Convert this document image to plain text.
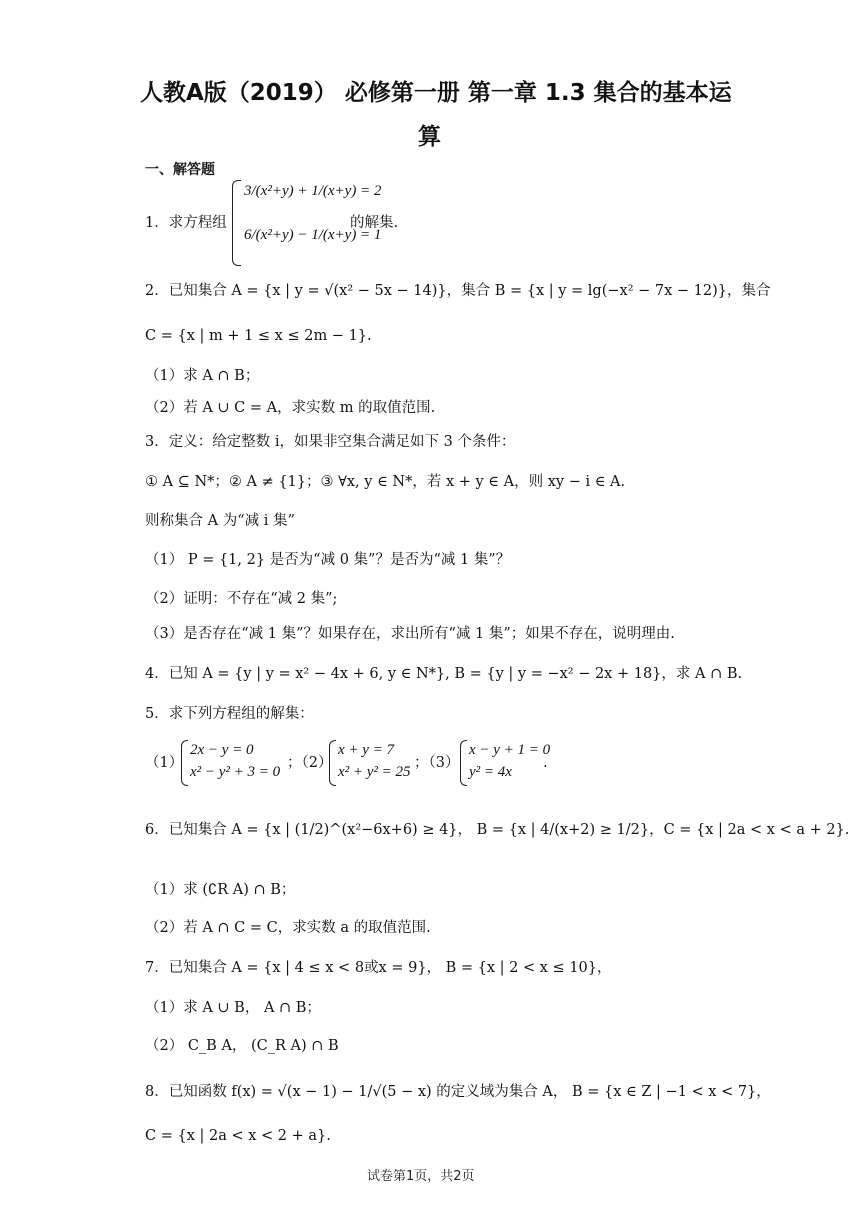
人教A版（2019） 必修第一册 第一章 1.3 集合的基本运
算
一、解答题
1．求方程组
3/(x²+y) + 1/(x+y) = 2
6/(x²+y) − 1/(x+y) = 1
的解集.
2．已知集合 A = {x | y = √(x² − 5x − 14)}，集合 B = {x | y = lg(−x² − 7x − 12)}，集合
C = {x | m + 1 ≤ x ≤ 2m − 1}.
（1）求 A ∩ B；
（2）若 A ∪ C = A，求实数 m 的取值范围.
3．定义：给定整数 i，如果非空集合满足如下 3 个条件：
① A ⊆ N*；② A ≠ {1}；③ ∀x, y ∈ N*，若 x + y ∈ A，则 xy − i ∈ A.
则称集合 A 为“减 i 集”
（1） P = {1, 2} 是否为“减 0 集”？是否为“减 1 集”？
（2）证明：不存在“减 2 集”;
（3）是否存在“减 1 集”？如果存在，求出所有“减 1 集”；如果不存在，说明理由.
4．已知 A = {y | y = x² − 4x + 6, y ∈ N*}, B = {y | y = −x² − 2x + 18}，求 A ∩ B.
5．求下列方程组的解集：
（1）
2x − y = 0
x² − y² + 3 = 0
；（2）
x + y = 7
x² + y² = 25
；（3）
x − y + 1 = 0
y² = 4x
.
6．已知集合 A = {x | (1/2)^(x²−6x+6) ≥ 4}， B = {x | 4/(x+2) ≥ 1/2}，C = {x | 2a < x < a + 2}.
（1）求 (∁R A) ∩ B；
（2）若 A ∩ C = C，求实数 a 的取值范围.
7．已知集合 A = {x | 4 ≤ x < 8或x = 9}， B = {x | 2 < x ≤ 10}，
（1）求 A ∪ B， A ∩ B；
（2） C_B A， (C_R A) ∩ B
8．已知函数 f(x) = √(x − 1) − 1/√(5 − x) 的定义域为集合 A， B = {x ∈ Z | −1 < x < 7}，
C = {x | 2a < x < 2 + a}.
试卷第1页，共2页
